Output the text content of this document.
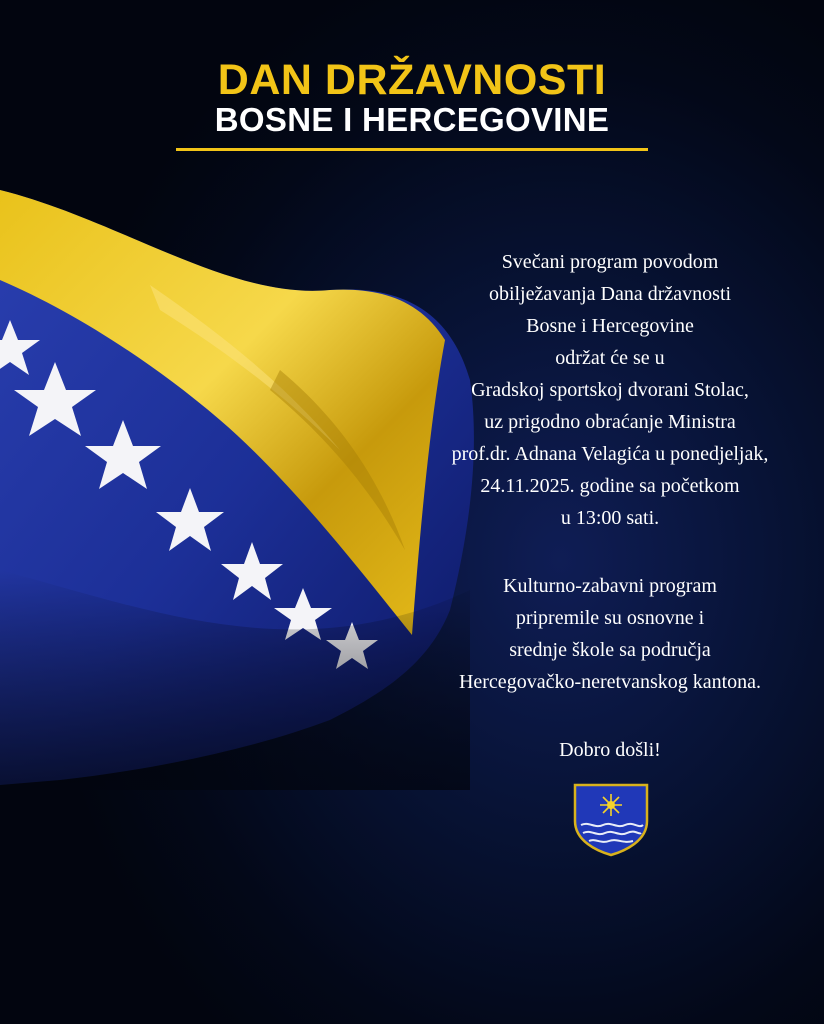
DAN DRŽAVNOSTI
BOSNE I HERCEGOVINE

Svečani program povodom

obilježavanja Dana državnosti

Bosne i Hercegovine

održat će se u

Gradskoj sportskoj dvorani Stolac,

uz prigodno obraćanje Ministra

prof.dr. Adnana Velagića u ponedjeljak,

24.11.2025. godine sa početkom

u 13:00 sati.

Kulturno-zabavni program

pripremile su osnovne i

srednje škole sa područja

Hercegovačko-neretvanskog kantona.

Dobro došli!
